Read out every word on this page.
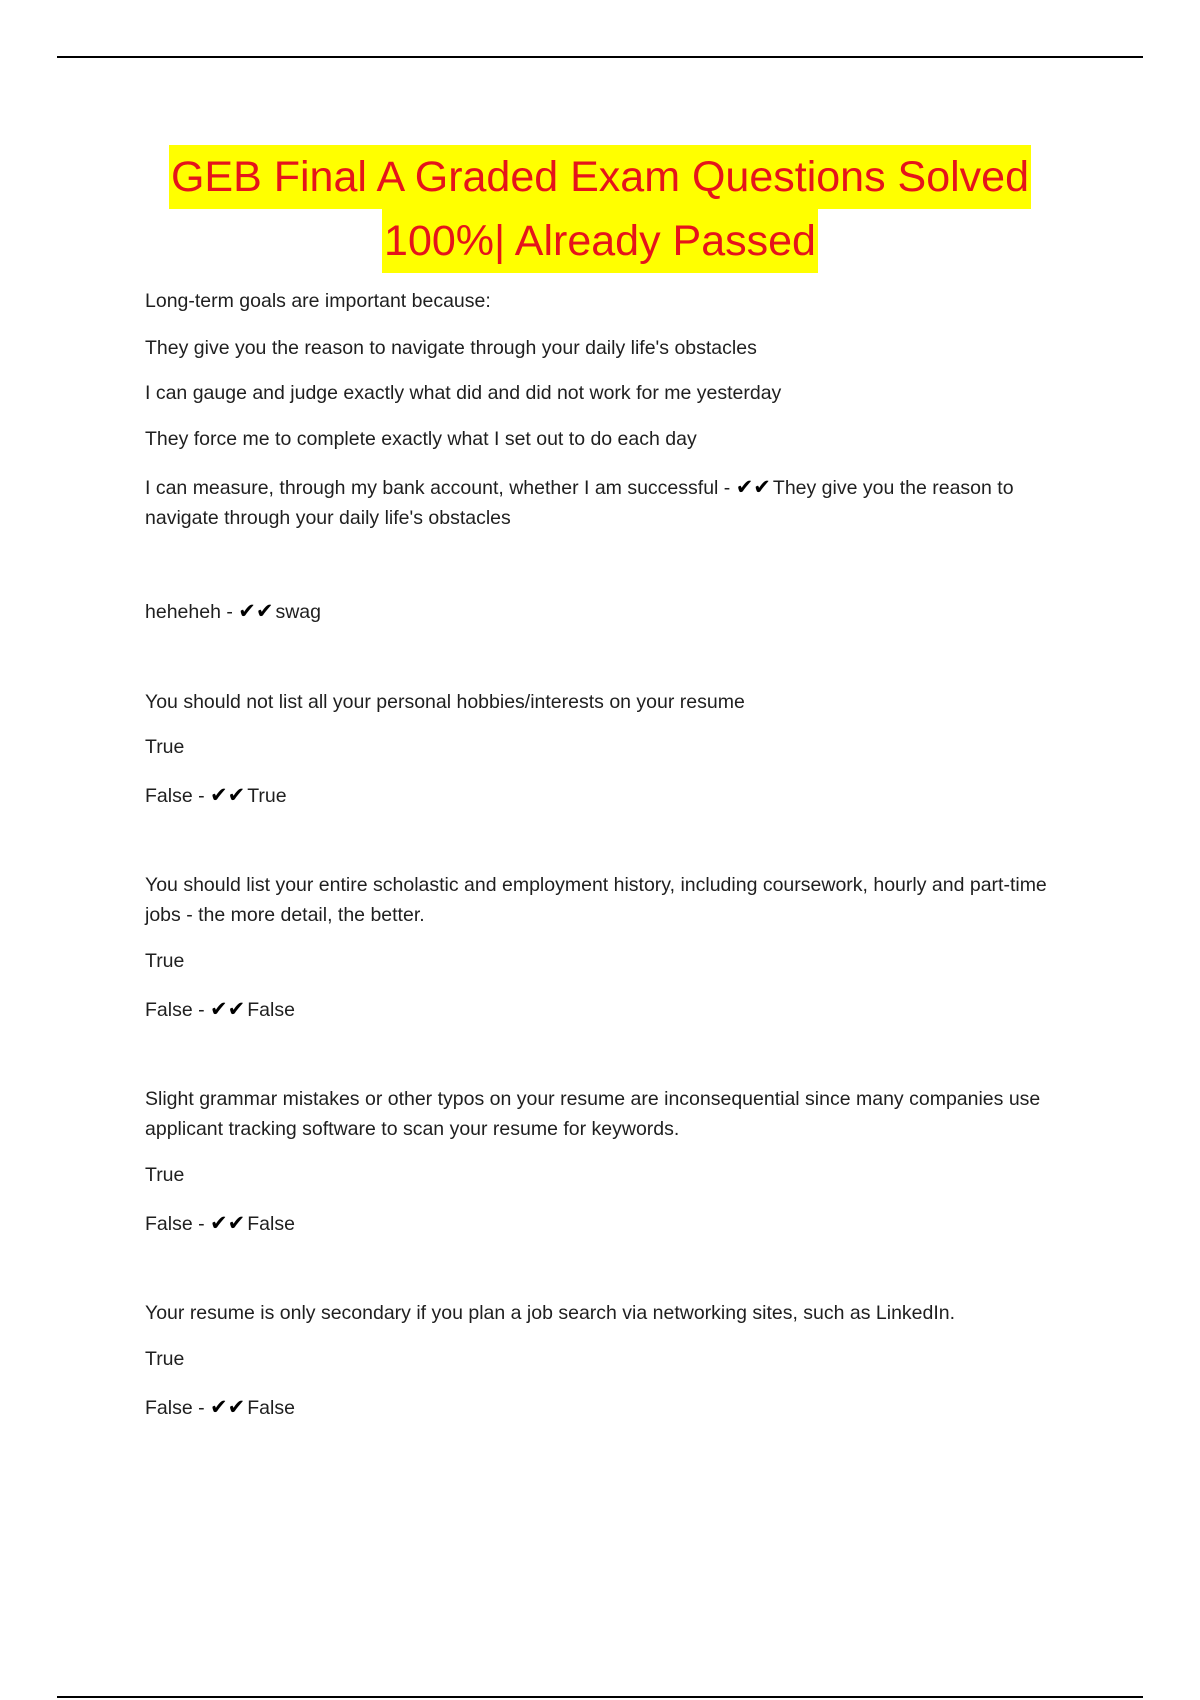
GEB Final A Graded Exam Questions Solved
100%| Already Passed

Long-term goals are important because:

They give you the reason to navigate through your daily life's obstacles

I can gauge and judge exactly what did and did not work for me yesterday

They force me to complete exactly what I set out to do each day

I can measure, through my bank account, whether I am successful - ✔✔ They give you the reason to navigate through your daily life's obstacles

heheheh - ✔✔ swag

You should not list all your personal hobbies/interests on your resume

True

False - ✔✔ True

You should list your entire scholastic and employment history, including coursework, hourly and part-time jobs - the more detail, the better.

True

False - ✔✔ False

Slight grammar mistakes or other typos on your resume are inconsequential since many companies use applicant tracking software to scan your resume for keywords.

True

False - ✔✔ False

Your resume is only secondary if you plan a job search via networking sites, such as LinkedIn.

True

False - ✔✔ False
